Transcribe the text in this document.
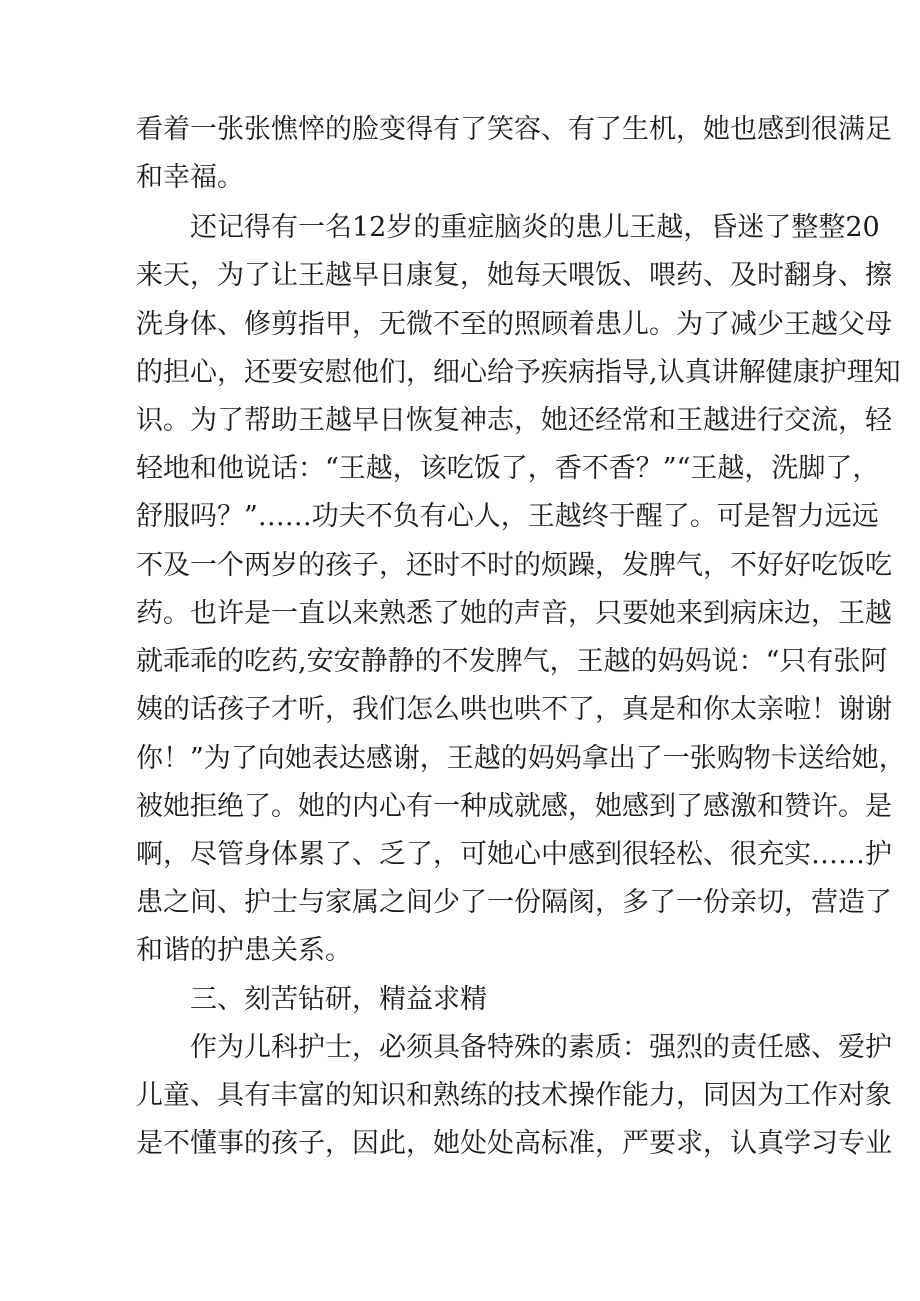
看着一张张憔悴的脸变得有了笑容、有了生机，她也感到很满足
和幸福。
还记得有一名12岁的重症脑炎的患儿王越，昏迷了整整20
来天，为了让王越早日康复，她每天喂饭、喂药、及时翻身、擦
洗身体、修剪指甲，无微不至的照顾着患儿。为了减少王越父母
的担心，还要安慰他们，细心给予疾病指导,认真讲解健康护理知
识。为了帮助王越早日恢复神志，她还经常和王越进行交流，轻
轻地和他说话：“王越，该吃饭了，香不香？”“王越，洗脚了，
舒服吗？”……功夫不负有心人，王越终于醒了。可是智力远远
不及一个两岁的孩子，还时不时的烦躁，发脾气，不好好吃饭吃
药。也许是一直以来熟悉了她的声音，只要她来到病床边，王越
就乖乖的吃药,安安静静的不发脾气，王越的妈妈说：“只有张阿
姨的话孩子才听，我们怎么哄也哄不了，真是和你太亲啦！谢谢
你！”为了向她表达感谢，王越的妈妈拿出了一张购物卡送给她，
被她拒绝了。她的内心有一种成就感，她感到了感激和赞许。是
啊，尽管身体累了、乏了，可她心中感到很轻松、很充实……护
患之间、护士与家属之间少了一份隔阂，多了一份亲切，营造了
和谐的护患关系。
三、刻苦钻研，精益求精
作为儿科护士，必须具备特殊的素质：强烈的责任感、爱护
儿童、具有丰富的知识和熟练的技术操作能力，同因为工作对象
是不懂事的孩子，因此，她处处高标准，严要求，认真学习专业
